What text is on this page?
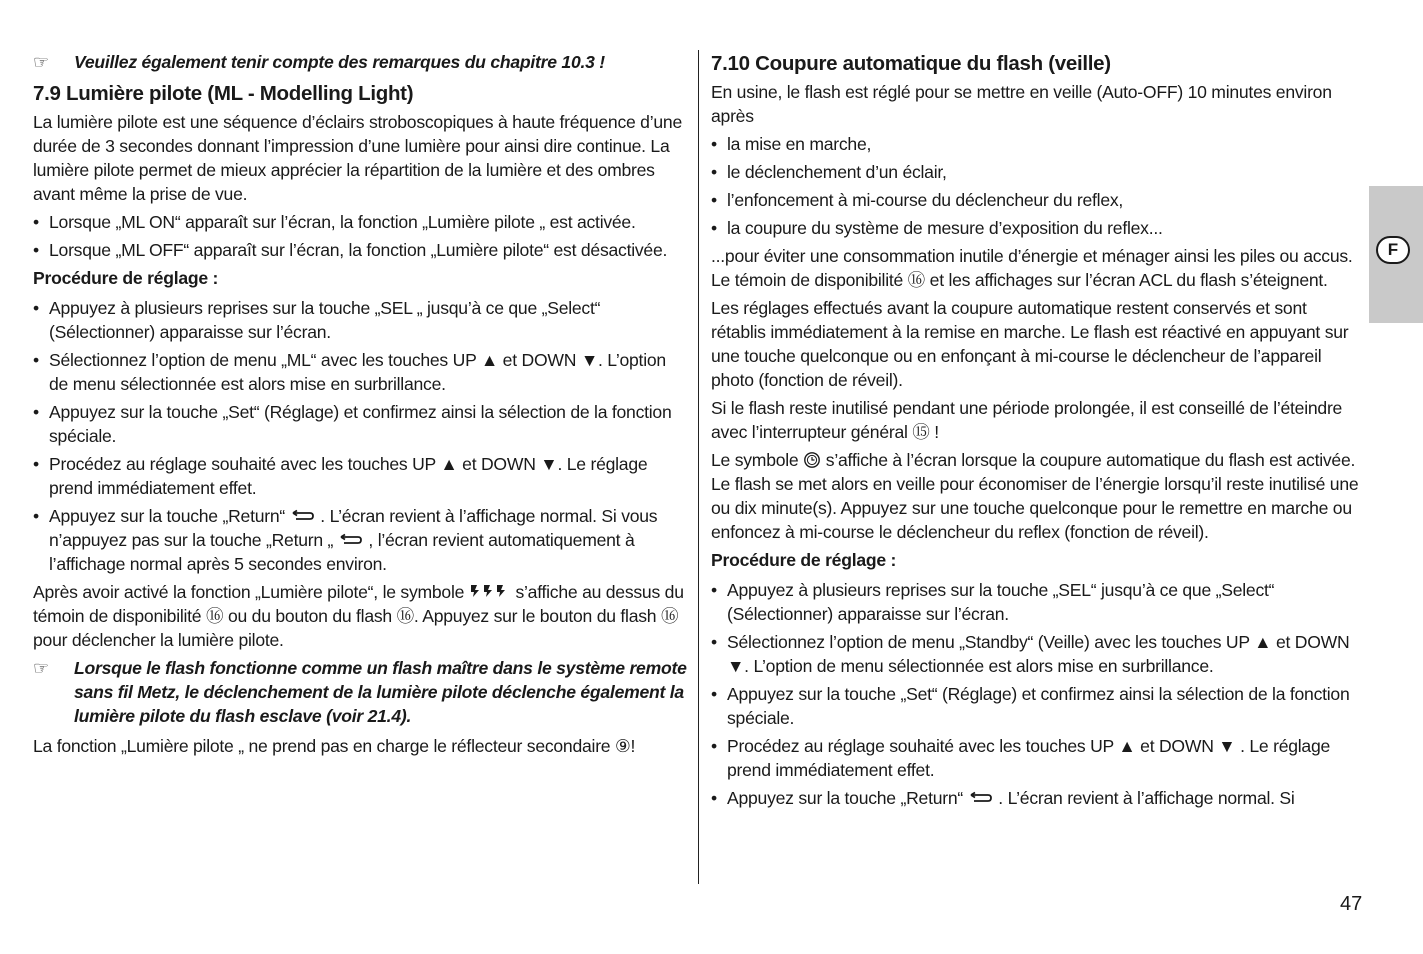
☞ Veuillez également tenir compte des remarques du chapitre 10.3 !
7.9 Lumière pilote (ML - Modelling Light)

La lumière pilote est une séquence d’éclairs stroboscopiques à haute fréquence d’une durée de 3 secondes donnant l’impression d’une lumière pour ainsi dire continue. La lumière pilote permet de mieux apprécier la répartition de la lumière et des ombres avant même la prise de vue.

• Lorsque „ML ON“ apparaît sur l’écran, la fonction „Lumière pilote „ est activée.
• Lorsque „ML OFF“ apparaît sur l’écran, la fonction „Lumière pilote“ est désactivée.

Procédure de réglage :

• Appuyez à plusieurs reprises sur la touche „SEL „ jusqu’à ce que „Select“ (Sélectionner) apparaisse sur l’écran.
• Sélectionnez l’option de menu „ML“ avec les touches UP ▲ et DOWN ▼. L’option de menu sélectionnée est alors mise en surbrillance.
• Appuyez sur la touche „Set“ (Réglage) et confirmez ainsi la sélection de la fonction spéciale.
• Procédez au réglage souhaité avec les touches UP ▲ et DOWN ▼. Le réglage prend immédiatement effet.
• Appuyez sur la touche „Return“ . L’écran revient à l’affichage normal. Si vous n’appuyez pas sur la touche „Return „ , l’écran revient automatiquement à l’affichage normal après 5 secondes environ.

Après avoir activé la fonction „Lumière pilote“, le symbole	s’affiche au dessus du témoin de disponibilité ⑯ ou du bouton du flash ⑯. Appuyez sur le bouton du flash ⑯ pour déclencher la lumière pilote.

☞ Lorsque le flash fonctionne comme un flash maître dans le système remote sans fil Metz, le déclenchement de la lumière pilote déclenche également la lumière pilote du flash esclave (voir 21.4).

La fonction „Lumière pilote „ ne prend pas en charge le réflecteur secondaire ⑨!

7.10 Coupure automatique du flash (veille)

En usine, le flash est réglé pour se mettre en veille (Auto-OFF) 10 minutes environ après

• la mise en marche,
• le déclenchement d’un éclair,
• l’enfoncement à mi-course du déclencheur du reflex,
• la coupure du système de mesure d’exposition du reflex...

...pour éviter une consommation inutile d’énergie et ménager ainsi les piles ou accus. Le témoin de disponibilité ⑯ et les affichages sur l’écran ACL du flash s’éteignent.

Les réglages effectués avant la coupure automatique restent conservés et sont rétablis immédiatement à la remise en marche. Le flash est réactivé en appuyant sur une touche quelconque ou en enfonçant à mi-course le déclencheur de l’appareil photo (fonction de réveil).

Si le flash reste inutilisé pendant une période prolongée, il est conseillé de l’éteindre avec l’interrupteur général ⑮ !

Le symbole s’affiche à l’écran lorsque la coupure automatique du flash est activée. Le flash se met alors en veille pour économiser de l’énergie lorsqu’il reste inutilisé une ou dix minute(s). Appuyez sur une touche quelconque pour le remettre en marche ou enfoncez à mi-course le déclencheur du reflex (fonction de réveil).

Procédure de réglage :

• Appuyez à plusieurs reprises sur la touche „SEL“ jusqu’à ce que „Select“ (Sélectionner) apparaisse sur l’écran.
• Sélectionnez l’option de menu „Standby“ (Veille) avec les touches UP ▲ et DOWN ▼. L’option de menu sélectionnée est alors mise en surbrillance.
• Appuyez sur la touche „Set“ (Réglage) et confirmez ainsi la sélection de la fonction spéciale.
• Procédez au réglage souhaité avec les touches UP ▲ et DOWN ▼ . Le réglage prend immédiatement effet.
• Appuyez sur la touche „Return“ . L’écran revient à l’affichage normal. Si
F
47
